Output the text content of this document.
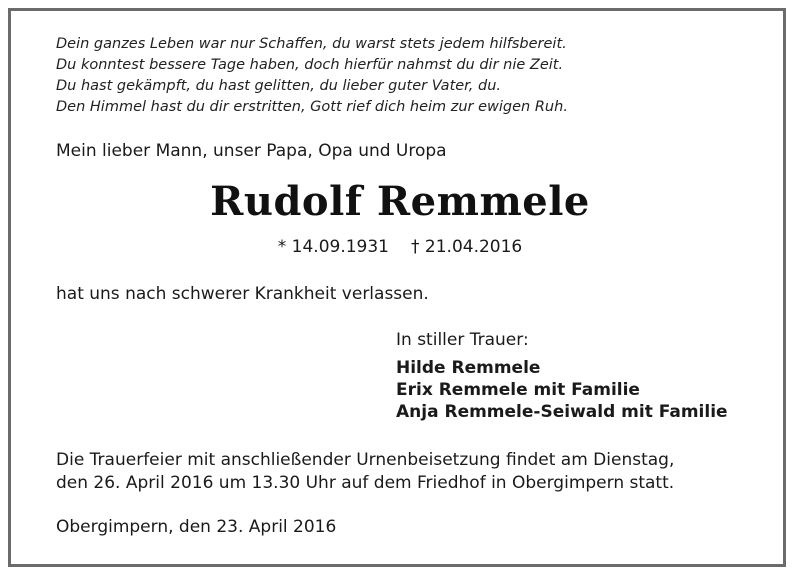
Dein ganzes Leben war nur Schaffen, du warst stets jedem hilfsbereit.
Du konntest bessere Tage haben, doch hierfür nahmst du dir nie Zeit.
Du hast gekämpft, du hast gelitten, du lieber guter Vater, du.
Den Himmel hast du dir erstritten, Gott rief dich heim zur ewigen Ruh.
Mein lieber Mann, unser Papa, Opa und Uropa
Rudolf Remmele
* 14.09.1931 † 21.04.2016
hat uns nach schwerer Krankheit verlassen.
In stiller Trauer:
Hilde Remmele
Erix Remmele mit Familie
Anja Remmele-Seiwald mit Familie
Die Trauerfeier mit anschließender Urnenbeisetzung findet am Dienstag,
den 26. April 2016 um 13.30 Uhr auf dem Friedhof in Obergimpern statt.
Obergimpern, den 23. April 2016
